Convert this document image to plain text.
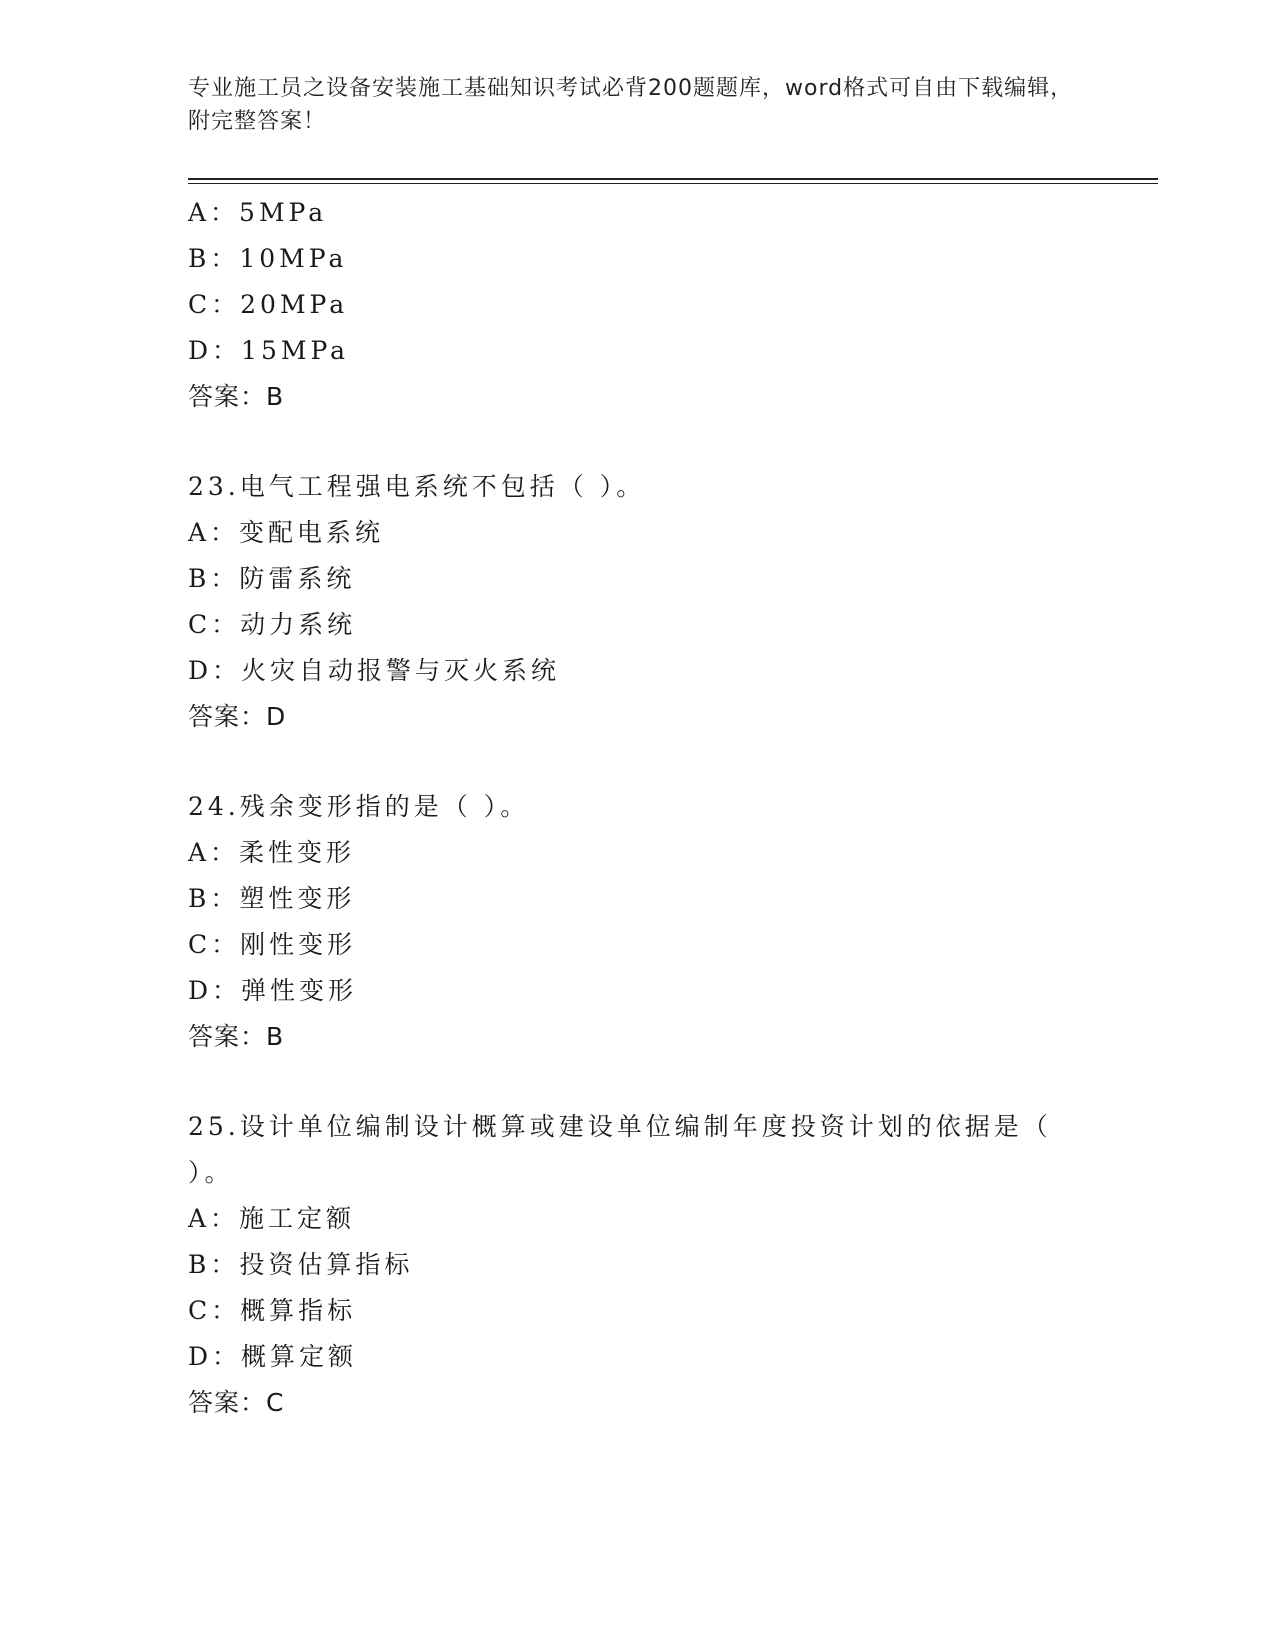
专业施工员之设备安装施工基础知识考试必背200题题库，word格式可自由下载编辑，附完整答案！
A：5MPa
B：10MPa
C：20MPa
D：15MPa
答案：B
23.电气工程强电系统不包括（ ）。
A：变配电系统
B：防雷系统
C：动力系统
D：火灾自动报警与灭火系统
答案：D
24.残余变形指的是（ ）。
A：柔性变形
B：塑性变形
C：刚性变形
D：弹性变形
答案：B
25.设计单位编制设计概算或建设单位编制年度投资计划的依据是（
）。
A：施工定额
B：投资估算指标
C：概算指标
D：概算定额
答案：C
